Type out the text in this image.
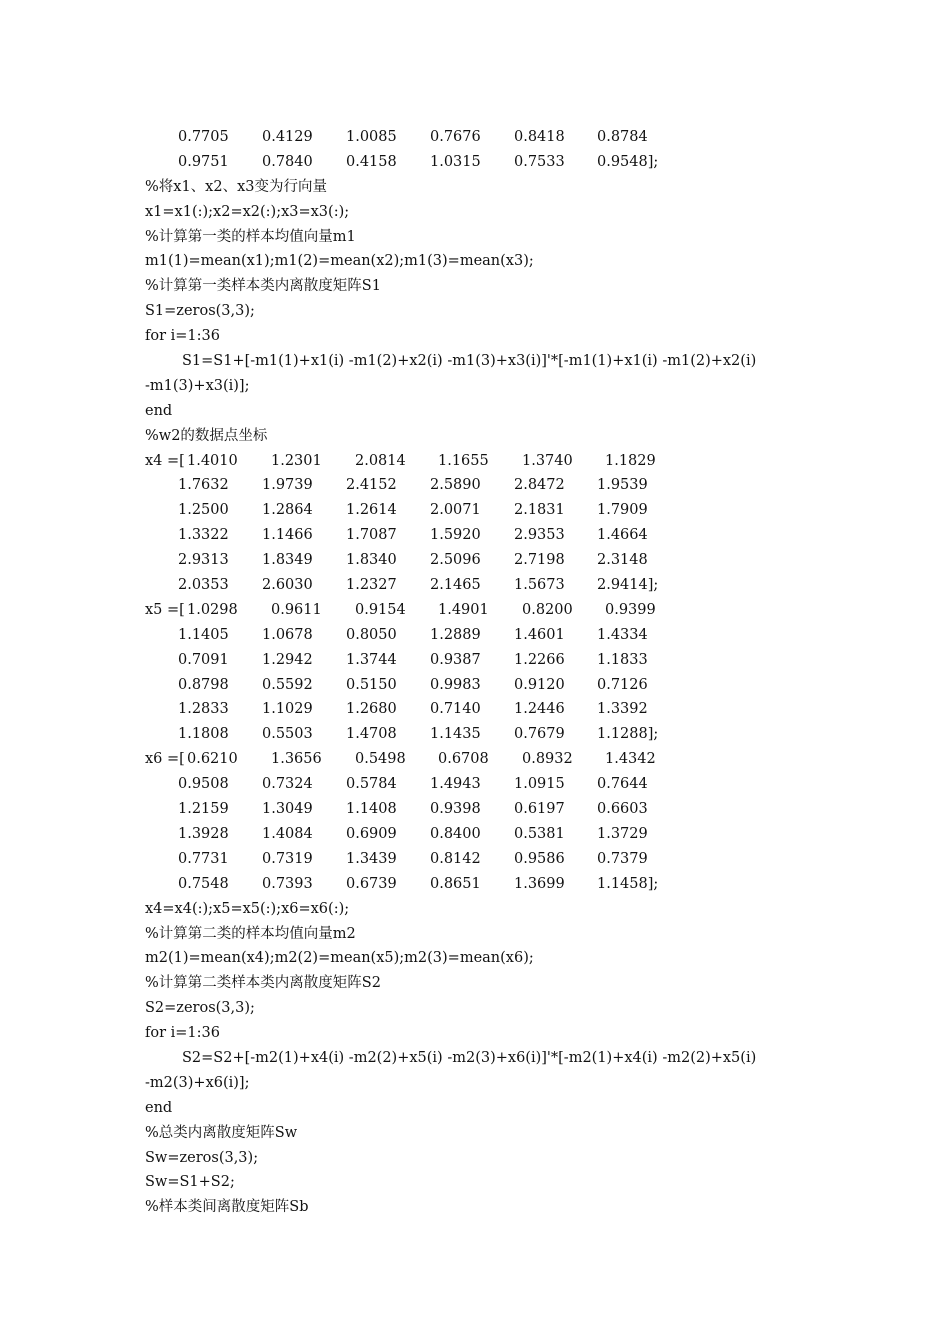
0.7705 0.4129 1.0085 0.7676 0.8418 0.8784
0.9751 0.7840 0.4158 1.0315 0.7533 0.9548];
%将x1、x2、x3变为行向量
x1=x1(:);x2=x2(:);x3=x3(:);
%计算第一类的样本均值向量m1
m1(1)=mean(x1);m1(2)=mean(x2);m1(3)=mean(x3);
%计算第一类样本类内离散度矩阵S1
S1=zeros(3,3);
for i=1:36
S1=S1+[-m1(1)+x1(i) -m1(2)+x2(i) -m1(3)+x3(i)]'*[-m1(1)+x1(i) -m1(2)+x2(i)
-m1(3)+x3(i)];
end
%w2的数据点坐标
x4 =[ 1.4010 1.2301 2.0814 1.1655 1.3740 1.1829
1.7632 1.9739 2.4152 2.5890 2.8472 1.9539
1.2500 1.2864 1.2614 2.0071 2.1831 1.7909
1.3322 1.1466 1.7087 1.5920 2.9353 1.4664
2.9313 1.8349 1.8340 2.5096 2.7198 2.3148
2.0353 2.6030 1.2327 2.1465 1.5673 2.9414];
x5 =[ 1.0298 0.9611 0.9154 1.4901 0.8200 0.9399
1.1405 1.0678 0.8050 1.2889 1.4601 1.4334
0.7091 1.2942 1.3744 0.9387 1.2266 1.1833
0.8798 0.5592 0.5150 0.9983 0.9120 0.7126
1.2833 1.1029 1.2680 0.7140 1.2446 1.3392
1.1808 0.5503 1.4708 1.1435 0.7679 1.1288];
x6 =[ 0.6210 1.3656 0.5498 0.6708 0.8932 1.4342
0.9508 0.7324 0.5784 1.4943 1.0915 0.7644
1.2159 1.3049 1.1408 0.9398 0.6197 0.6603
1.3928 1.4084 0.6909 0.8400 0.5381 1.3729
0.7731 0.7319 1.3439 0.8142 0.9586 0.7379
0.7548 0.7393 0.6739 0.8651 1.3699 1.1458];
x4=x4(:);x5=x5(:);x6=x6(:);
%计算第二类的样本均值向量m2
m2(1)=mean(x4);m2(2)=mean(x5);m2(3)=mean(x6);
%计算第二类样本类内离散度矩阵S2
S2=zeros(3,3);
for i=1:36
S2=S2+[-m2(1)+x4(i) -m2(2)+x5(i) -m2(3)+x6(i)]'*[-m2(1)+x4(i) -m2(2)+x5(i)
-m2(3)+x6(i)];
end
%总类内离散度矩阵Sw
Sw=zeros(3,3);
Sw=S1+S2;
%样本类间离散度矩阵Sb
